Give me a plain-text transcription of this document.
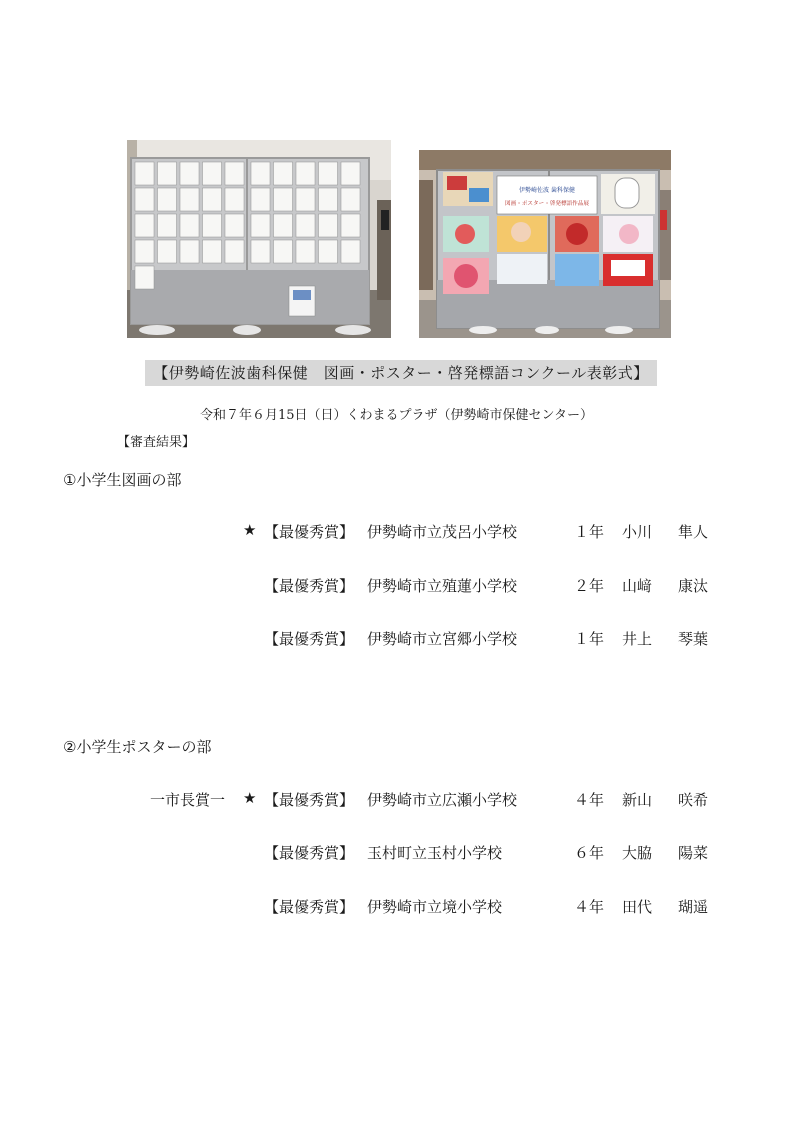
伊勢崎佐波 歯科保健
図画・ポスター・啓発標語作品展
【伊勢崎佐波歯科保健　図画・ポスター・啓発標語コンクール表彰式】
令和７年６月15日（日）くわまるプラザ（伊勢崎市保健センター）
【審査結果】
①小学生図画の部
★ 【最優秀賞】 伊勢崎市立茂呂小学校	１年 小川 隼人
【最優秀賞】 伊勢崎市立殖蓮小学校	２年 山﨑 康汰
【最優秀賞】 伊勢崎市立宮郷小学校	１年 井上 琴葉
②小学生ポスターの部
一市長賞一 ★ 【最優秀賞】 伊勢崎市立広瀬小学校	４年 新山 咲希
【最優秀賞】 玉村町立玉村小学校	６年 大脇 陽菜
【最優秀賞】 伊勢崎市立境小学校	４年 田代 瑚遥
